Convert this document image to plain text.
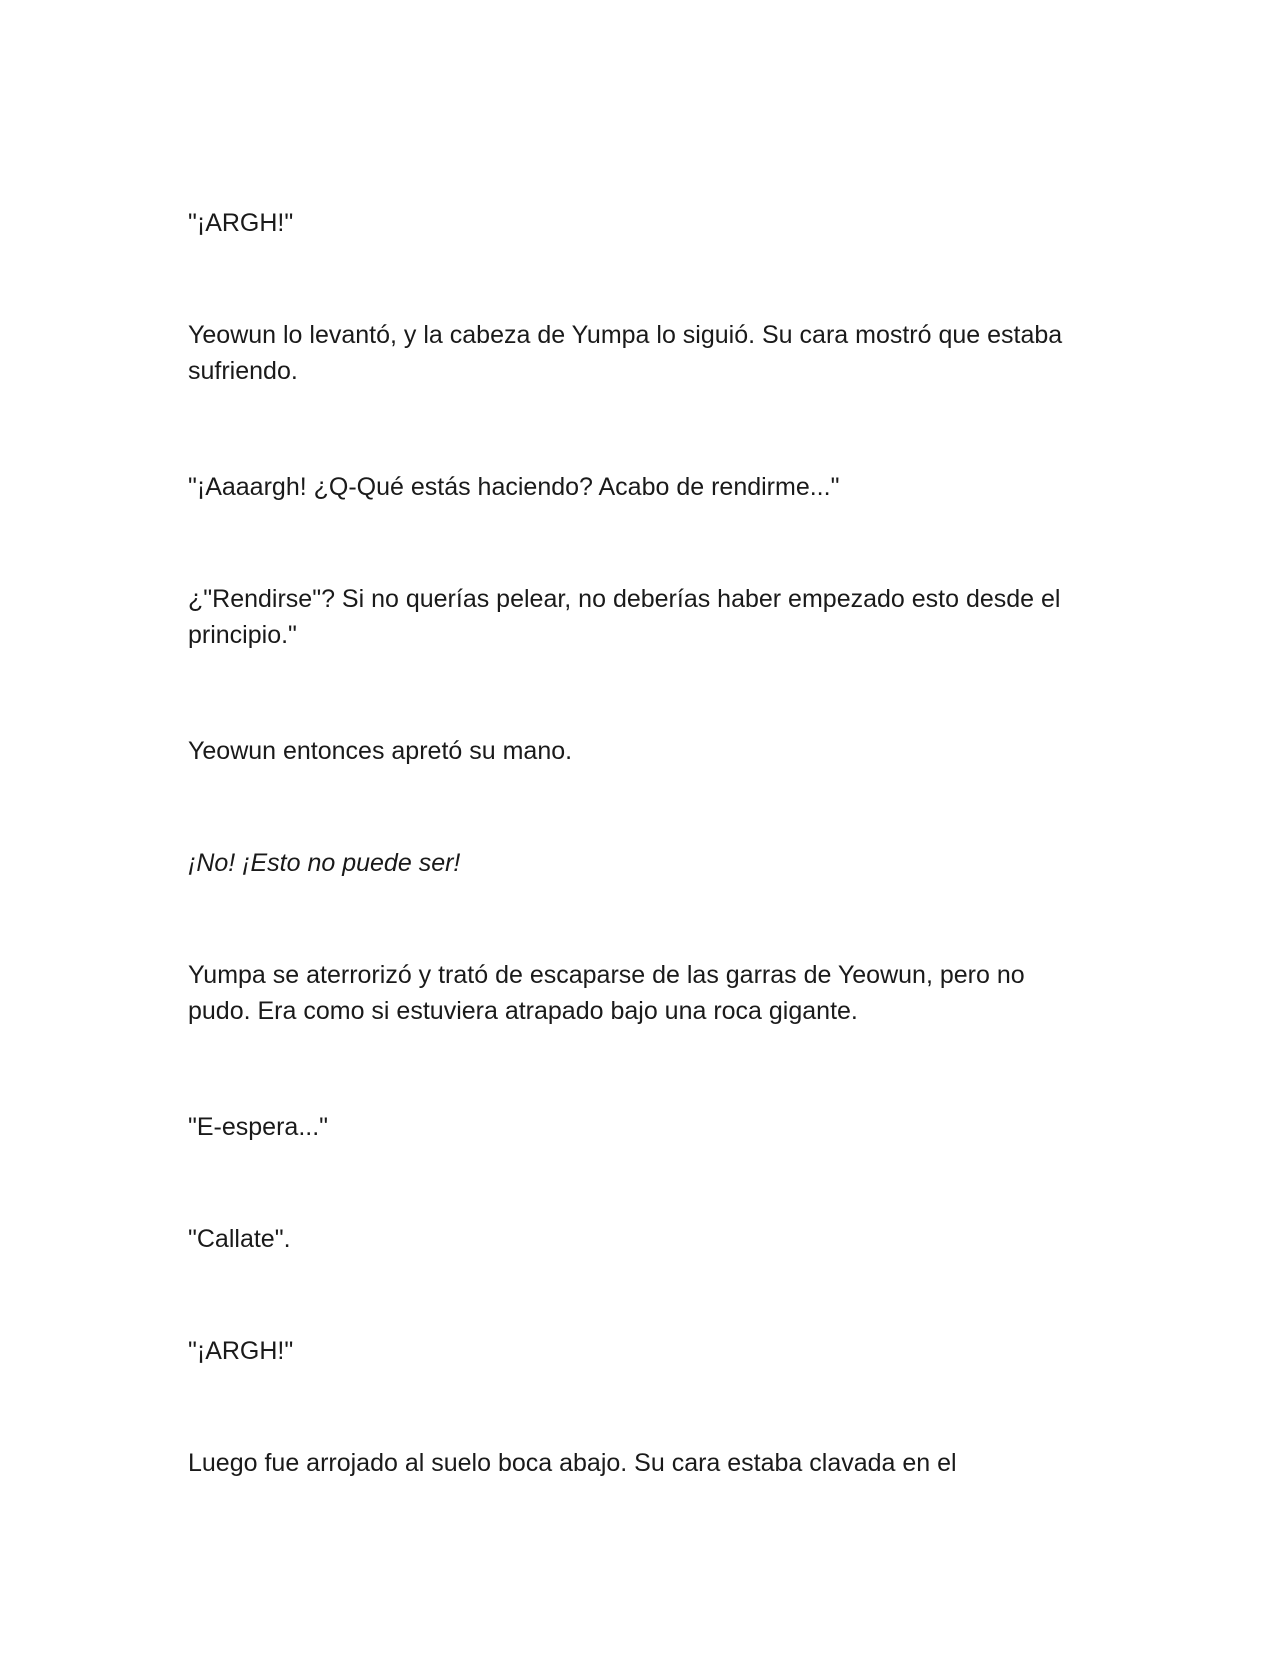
"¡ARGH!"

Yeowun lo levantó, y la cabeza de Yumpa lo siguió. Su cara mostró que estaba sufriendo.

"¡Aaaargh! ¿Q-Qué estás haciendo? Acabo de rendirme..."

¿"Rendirse"? Si no querías pelear, no deberías haber empezado esto desde el principio."

Yeowun entonces apretó su mano.

¡No! ¡Esto no puede ser!

Yumpa se aterrorizó y trató de escaparse de las garras de Yeowun, pero no pudo. Era como si estuviera atrapado bajo una roca gigante.

"E-espera..."

"Callate".

"¡ARGH!"

Luego fue arrojado al suelo boca abajo. Su cara estaba clavada en el
